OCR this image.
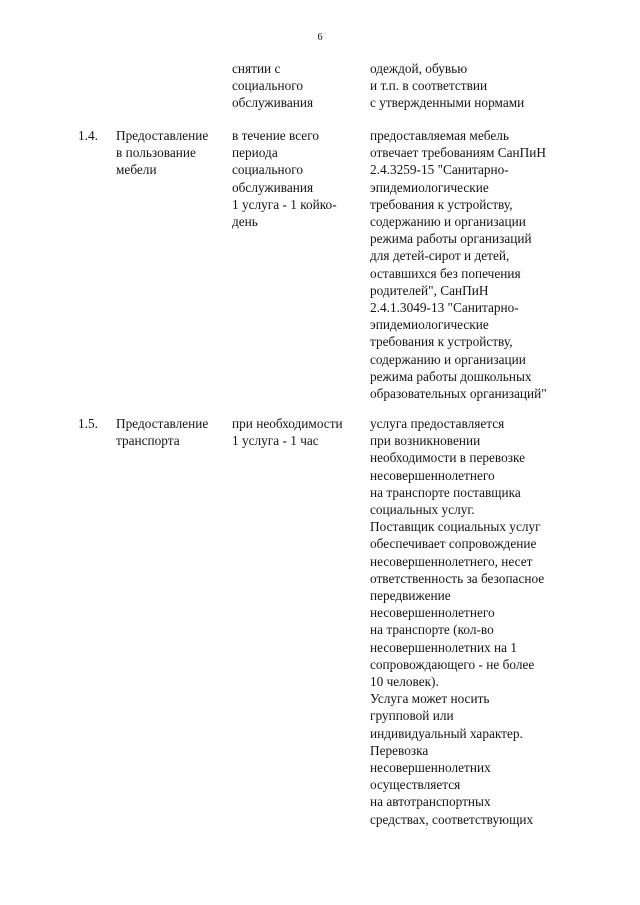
6
снятии с
социального
обслуживания
одеждой, обувью
и т.п. в соответствии
с утвержденными нормами
1.4. Предоставление
в пользование
мебели
в течение всего
периода
социального
обслуживания
1 услуга - 1 койко-
день
предоставляемая мебель
отвечает требованиям СанПиН
2.4.3259-15 "Санитарно-
эпидемиологические
требования к устройству,
содержанию и организации
режима работы организаций
для детей-сирот и детей,
оставшихся без попечения
родителей", СанПиН
2.4.1.3049-13 "Санитарно-
эпидемиологические
требования к устройству,
содержанию и организации
режима работы дошкольных
образовательных организаций"
1.5. Предоставление
транспорта
при необходимости
1 услуга - 1 час
услуга предоставляется
при возникновении
необходимости в перевозке
несовершеннолетнего
на транспорте поставщика
социальных услуг.
Поставщик социальных услуг
обеспечивает сопровождение
несовершеннолетнего, несет
ответственность за безопасное
передвижение
несовершеннолетнего
на транспорте (кол-во
несовершеннолетних на 1
сопровождающего - не более
10 человек).
Услуга может носить
групповой или
индивидуальный характер.
Перевозка
несовершеннолетних
осуществляется
на автотранспортных
средствах, соответствующих
